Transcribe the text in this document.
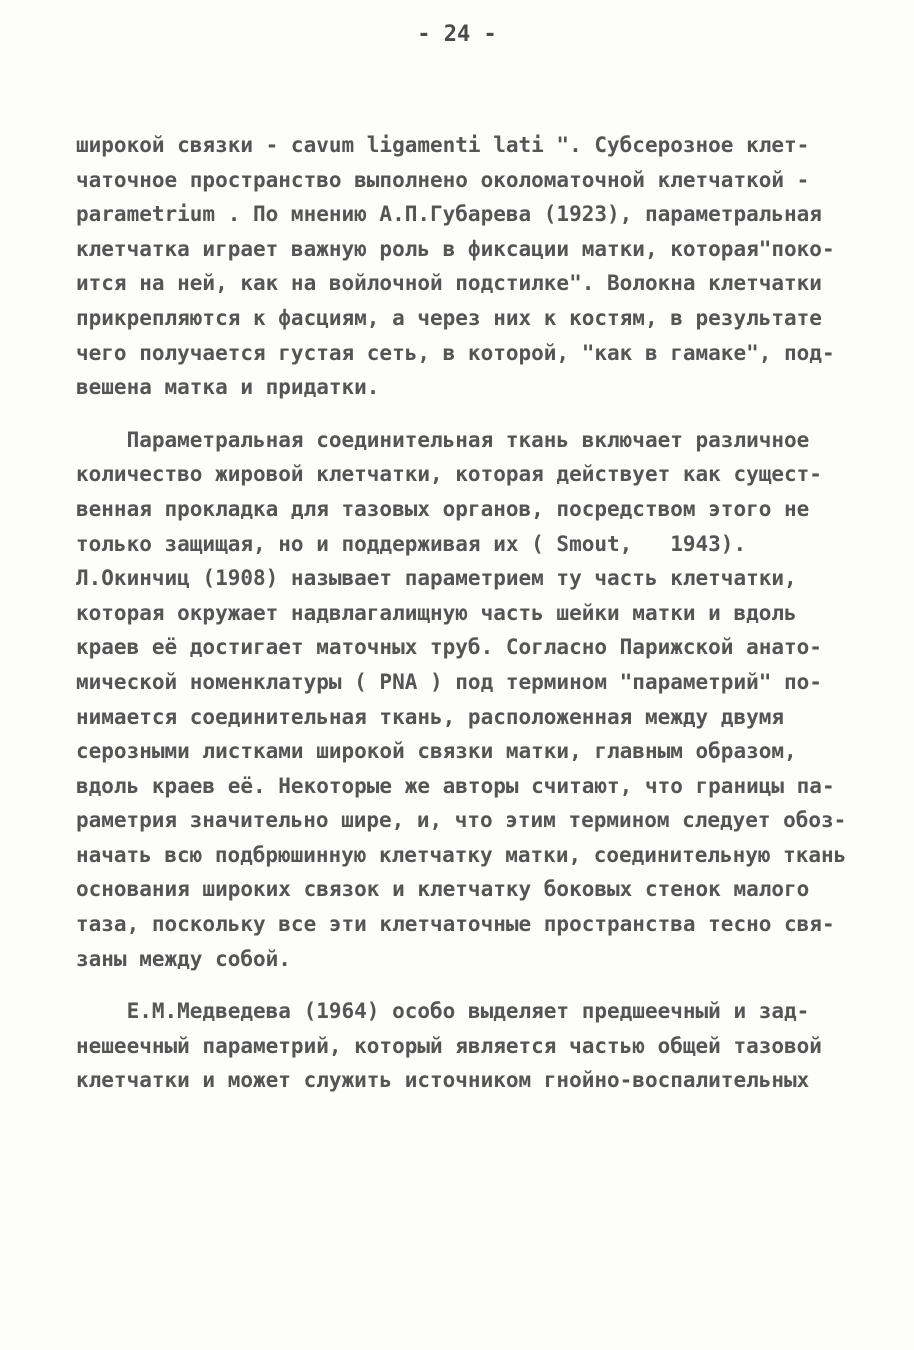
- 24 -
широкой связки - cavum ligamenti lati ". Субсерозное клет-
чаточное пространство выполнено околоматочной клетчаткой -
parametrium . По мнению А.П.Губарева (1923), параметральная
клетчатка играет важную роль в фиксации матки, которая"поко-
ится на ней, как на войлочной подстилке". Волокна клетчатки
прикрепляются к фасциям, а через них к костям, в результате
чего получается густая сеть, в которой, "как в гамаке", под-
вешена матка и придатки.
Параметральная соединительная ткань включает различное
количество жировой клетчатки, которая действует как сущест-
венная прокладка для тазовых органов, посредством этого не
только защищая, но и поддерживая их ( Smout,   1943).
Л.Окинчиц (1908) называет параметрием ту часть клетчатки,
которая окружает надвлагалищную часть шейки матки и вдоль
краев её достигает маточных труб. Согласно Парижской анато-
мической номенклатуры ( PNA ) под термином "параметрий" по-
нимается соединительная ткань, расположенная между двумя
серозными листками широкой связки матки, главным образом,
вдоль краев её. Некоторые же авторы считают, что границы па-
раметрия значительно шире, и, что этим термином следует обоз-
начать всю подбрюшинную клетчатку матки, соединительную ткань
основания широких связок и клетчатку боковых стенок малого
таза, поскольку все эти клетчаточные пространства тесно свя-
заны между собой.
Е.М.Медведева (1964) особо выделяет предшеечный и зад-
нешеечный параметрий, который является частью общей тазовой
клетчатки и может служить источником гнойно-воспалительных
